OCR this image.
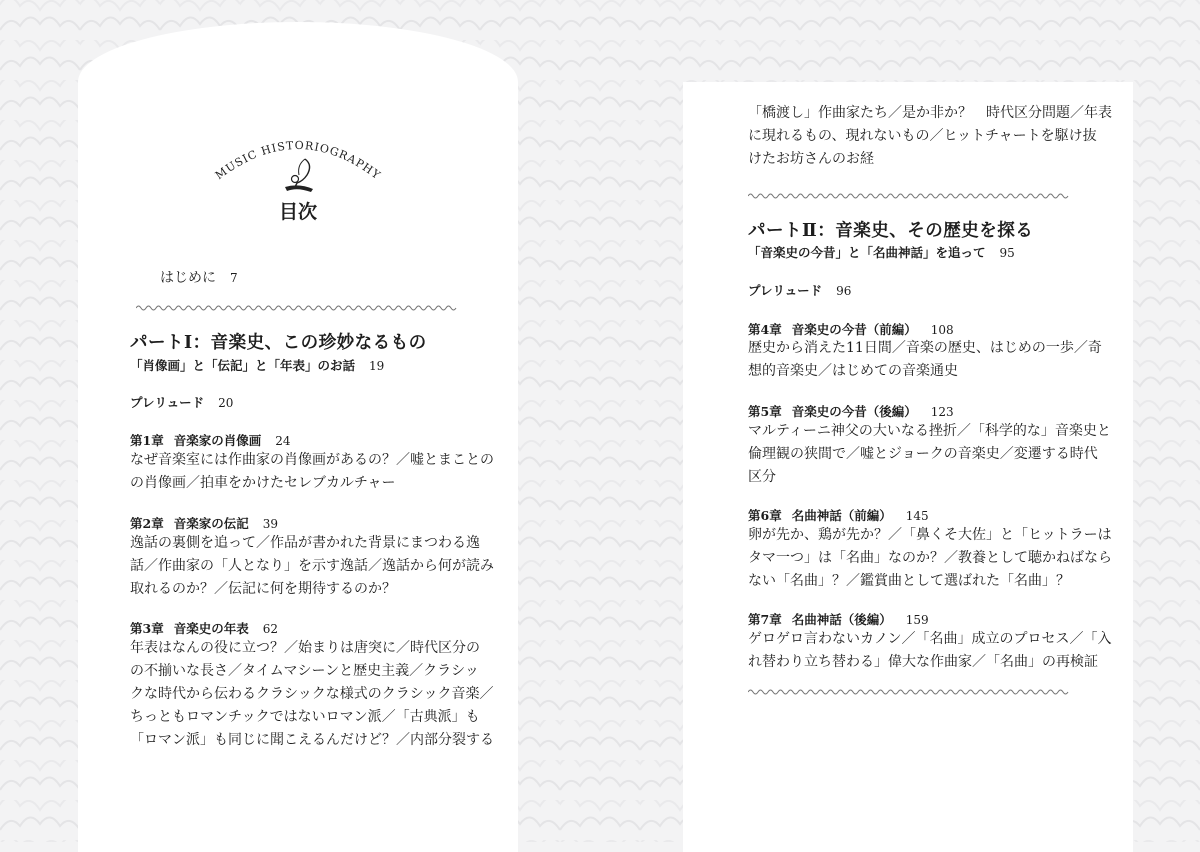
MUSIC HISTORIOGRAPHY
目次
はじめに 7
パートⅠ：音楽史、この珍妙なるもの
「肖像画」と「伝記」と「年表」のお話 19
プレリュード 20
第1章 音楽家の肖像画 24
なぜ音楽室には作曲家の肖像画があるの？／嘘とまことの
の肖像画／拍車をかけたセレブカルチャー
第2章 音楽家の伝記 39
逸話の裏側を追って／作品が書かれた背景にまつわる逸
話／作曲家の「人となり」を示す逸話／逸話から何が読み
取れるのか？／伝記に何を期待するのか？
第3章 音楽史の年表 62
年表はなんの役に立つ？／始まりは唐突に／時代区分の
の不揃いな長さ／タイムマシーンと歴史主義／クラシッ
クな時代から伝わるクラシックな様式のクラシック音楽／
ちっともロマンチックではないロマン派／「古典派」も
「ロマン派」も同じに聞こえるんだけど？／内部分裂する
「橋渡し」作曲家たち／是か非か？　時代区分問題／年表
に現れるもの、現れないもの／ヒットチャートを駆け抜
けたお坊さんのお経
パートⅡ：音楽史、その歴史を探る
「音楽史の今昔」と「名曲神話」を追って 95
プレリュード 96
第4章 音楽史の今昔（前編） 108
歴史から消えた11日間／音楽の歴史、はじめの一歩／奇
想的音楽史／はじめての音楽通史
第5章 音楽史の今昔（後編） 123
マルティーニ神父の大いなる挫折／「科学的な」音楽史と
倫理観の狭間で／嘘とジョークの音楽史／変遷する時代
区分
第6章 名曲神話（前編） 145
卵が先か、鶏が先か？／「鼻くそ大佐」と「ヒットラーは
タマ一つ」は「名曲」なのか？／教養として聴かねばなら
ない「名曲」？／鑑賞曲として選ばれた「名曲」？
第7章 名曲神話（後編） 159
ゲロゲロ言わないカノン／「名曲」成立のプロセス／「入
れ替わり立ち替わる」偉大な作曲家／「名曲」の再検証
